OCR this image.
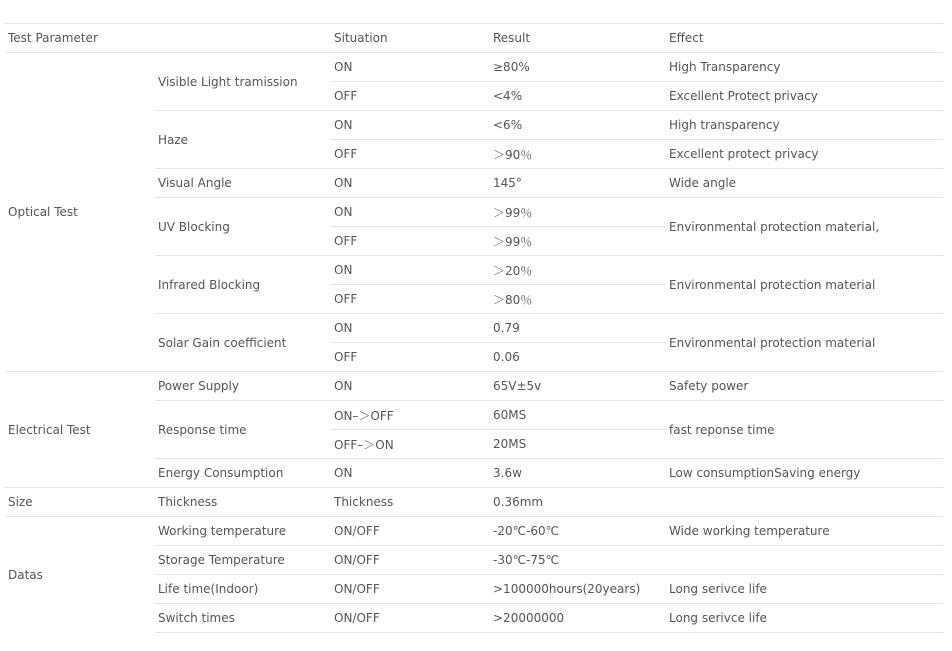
Test Parameter		Situation	Result	Effect
Optical Test	Visible Light tramission	ON	≥80%	High Transparency
		OFF	<4%	Excellent Protect privacy
	Haze	ON	<6%	High transparency
		OFF	＞90％	Excellent protect privacy
	Visual Angle	ON	145°	Wide angle
	UV Blocking	ON	＞99％	Environmental protection material,
		OFF	＞99％	
	Infrared Blocking	ON	＞20％	Environmental protection material
		OFF	＞80％	
	Solar Gain coefficient	ON	0.79	Environmental protection material
		OFF	0.06	
Electrical Test	Power Supply	ON	65V±5v	Safety power
	Response time	ON–＞OFF	60MS	fast reponse time
		OFF–＞ON	20MS	
	Energy Consumption	ON	3.6w	Low consumptionSaving energy
Size	Thickness	Thickness	0.36mm	
Datas	Working temperature	ON/OFF	-20℃-60℃	Wide working temperature
	Storage Temperature	ON/OFF	-30℃-75℃	
	Life time(Indoor)	ON/OFF	>100000hours(20years)	Long serivce life
	Switch times	ON/OFF	>20000000	Long serivce life
